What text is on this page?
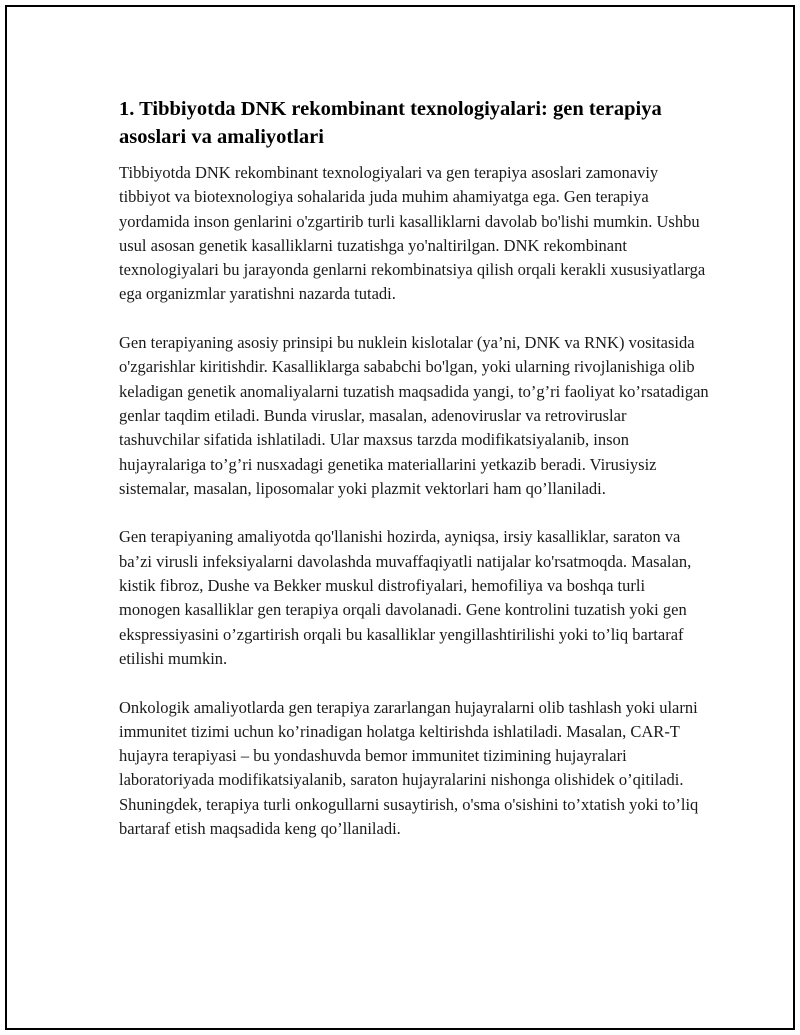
1. Tibbiyotda DNK rekombinant texnologiyalari: gen terapiya asoslari va amaliyotlari

Tibbiyotda DNK rekombinant texnologiyalari va gen terapiya asoslari zamonaviy tibbiyot va biotexnologiya sohalarida juda muhim ahamiyatga ega. Gen terapiya yordamida inson genlarini o'zgartirib turli kasalliklarni davolab bo'lishi mumkin. Ushbu usul asosan genetik kasalliklarni tuzatishga yo'naltirilgan. DNK rekombinant texnologiyalari bu jarayonda genlarni rekombinatsiya qilish orqali kerakli xususiyatlarga ega organizmlar yaratishni nazarda tutadi.

Gen terapiyaning asosiy prinsipi bu nuklein kislotalar (ya’ni, DNK va RNK) vositasida o'zgarishlar kiritishdir. Kasalliklarga sababchi bo'lgan, yoki ularning rivojlanishiga olib keladigan genetik anomaliyalarni tuzatish maqsadida yangi, to’g’ri faoliyat ko’rsatadigan genlar taqdim etiladi. Bunda viruslar, masalan, adenoviruslar va retroviruslar tashuvchilar sifatida ishlatiladi. Ular maxsus tarzda modifikatsiyalanib, inson hujayralariga to’g’ri nusxadagi genetika materiallarini yetkazib beradi. Virusiysiz sistemalar, masalan, liposomalar yoki plazmit vektorlari ham qo’llaniladi.

Gen terapiyaning amaliyotda qo'llanishi hozirda, ayniqsa, irsiy kasalliklar, saraton va ba’zi virusli infeksiyalarni davolashda muvaffaqiyatli natijalar ko'rsatmoqda. Masalan, kistik fibroz, Dushe va Bekker muskul distrofiyalari, hemofiliya va boshqa turli monogen kasalliklar gen terapiya orqali davolanadi. Gene kontrolini tuzatish yoki gen ekspressiyasini o’zgartirish orqali bu kasalliklar yengillashtirilishi yoki to’liq bartaraf etilishi mumkin.

Onkologik amaliyotlarda gen terapiya zararlangan hujayralarni olib tashlash yoki ularni immunitet tizimi uchun ko’rinadigan holatga keltirishda ishlatiladi. Masalan, CAR-T hujayra terapiyasi – bu yondashuvda bemor immunitet tizimining hujayralari laboratoriyada modifikatsiyalanib, saraton hujayralarini nishonga olishidek o’qitiladi. Shuningdek, terapiya turli onkogullarni susaytirish, o'sma o'sishini to’xtatish yoki to’liq bartaraf etish maqsadida keng qo’llaniladi.
